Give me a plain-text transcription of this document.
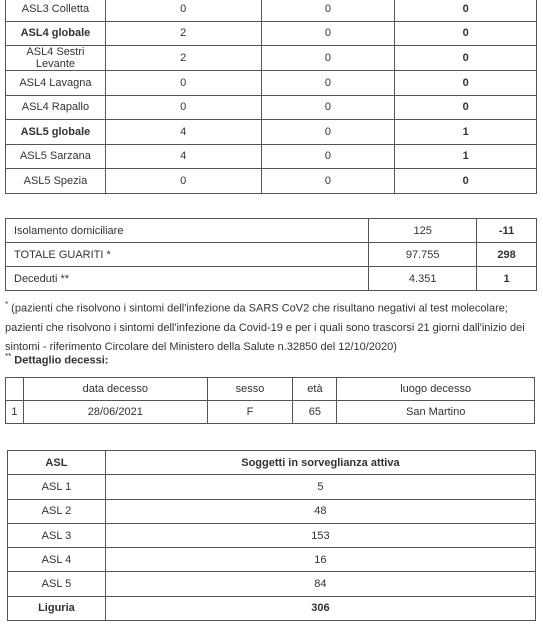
ASL3 Colletta	0	0	0
ASL4 globale	2	0	0
ASL4 Sestri Levante	2	0	0
ASL4 Lavagna	0	0	0
ASL4 Rapallo	0	0	0
ASL5 globale	4	0	1
ASL5 Sarzana	4	0	1
ASL5 Spezia	0	0	0
Isolamento domiciliare	125	-11
TOTALE GUARITI *	97.755	298
Deceduti **	4.351	1
* (pazienti che risolvono i sintomi dell'infezione da SARS CoV2 che risultano negativi al test molecolare; pazienti che risolvono i sintomi dell'infezione da Covid-19 e per i quali sono trascorsi 21 giorni dall'inizio dei sintomi - riferimento Circolare del Ministero della Salute n.32850 del 12/10/2020)
** Dettaglio decessi:
	data decesso	sesso	età	luogo decesso
1	28/06/2021	F	65	San Martino
ASL	Soggetti in sorveglianza attiva
ASL 1	5
ASL 2	48
ASL 3	153
ASL 4	16
ASL 5	84
Liguria	306
